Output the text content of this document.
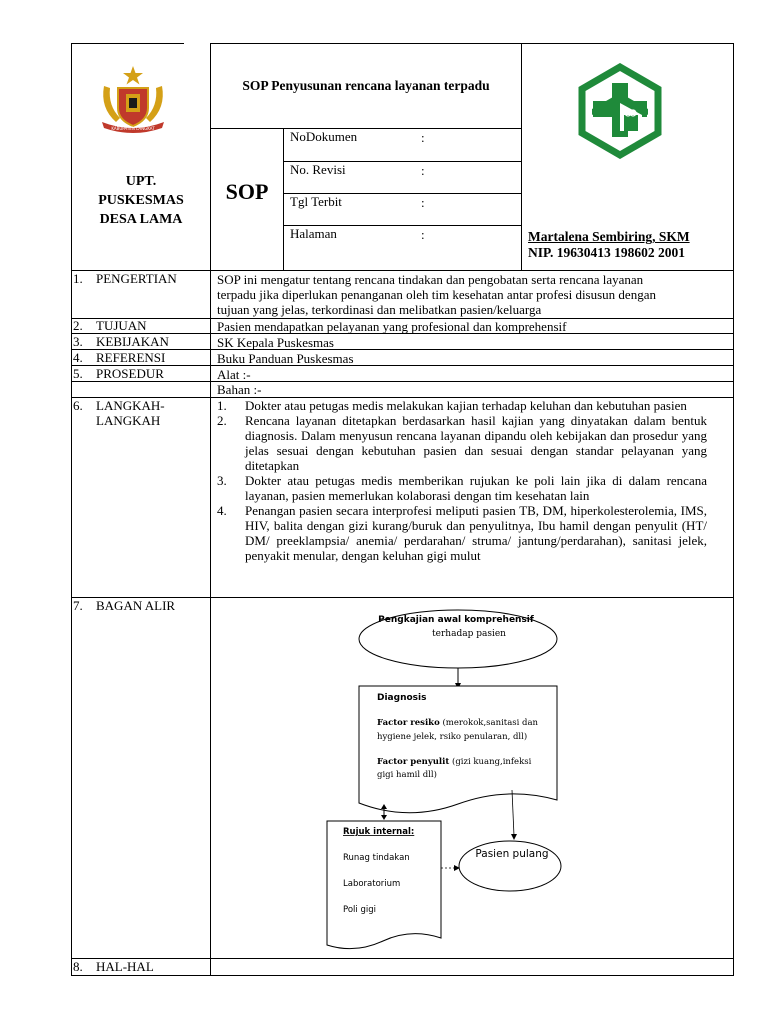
KABUPATEN LANGKAT
UPT.
PUSKESMAS
DESA LAMA
SOP Penyusunan rencana layanan terpadu
SOP
NoDokumen	:
No. Revisi	:
Tgl Terbit	:
Halaman	:	Martalena Sembiring, SKM
NIP. 19630413 198602 2001
1. PENGERTIAN	SOP ini mengatur tentang rencana tindakan dan pengobatan serta rencana layanan
terpadu jika diperlukan penanganan oleh tim kesehatan antar profesi disusun dengan
tujuan yang jelas, terkordinasi dan melibatkan pasien/keluarga
2. TUJUAN	Pasien mendapatkan pelayanan yang profesional dan komprehensif
3. KEBIJAKAN	SK Kepala Puskesmas
4. REFERENSI	Buku Panduan Puskesmas
5. PROSEDUR	Alat :-
Bahan :-
6. LANGKAH-
LANGKAH
1.	Dokter atau petugas medis melakukan kajian terhadap keluhan dan kebutuhan pasien
2.	Rencana layanan ditetapkan berdasarkan hasil kajian yang dinyatakan dalam bentuk diagnosis. Dalam menyusun rencana layanan dipandu oleh kebijakan dan prosedur yang jelas sesuai dengan kebutuhan pasien dan sesuai dengan standar pelayanan yang ditetapkan
3.	Dokter atau petugas medis memberikan rujukan ke poli lain jika di dalam rencana layanan, pasien memerlukan kolaborasi dengan tim kesehatan lain
4.	Penangan pasien secara interprofesi meliputi pasien TB, DM, hiperkolesterolemia, IMS, HIV, balita dengan gizi kurang/buruk dan penyulitnya, Ibu hamil dengan penyulit (HT/ DM/ preeklampsia/ anemia/ perdarahan/ struma/ jantung/perdarahan), sanitasi jelek, penyakit menular, dengan keluhan gigi mulut
7. BAGAN ALIR
8. HAL-HAL
Pengkajian awal komprehensif
terhadap pasien
Diagnosis
Factor resiko (merokok,sanitasi dan
hygiene jelek, rsiko penularan, dll)
Factor penyulit (gizi kuang,infeksi
gigi hamil dll)
Rujuk internal:
Runag tindakan
Laboratorium
Poli gigi
Pasien pulang
